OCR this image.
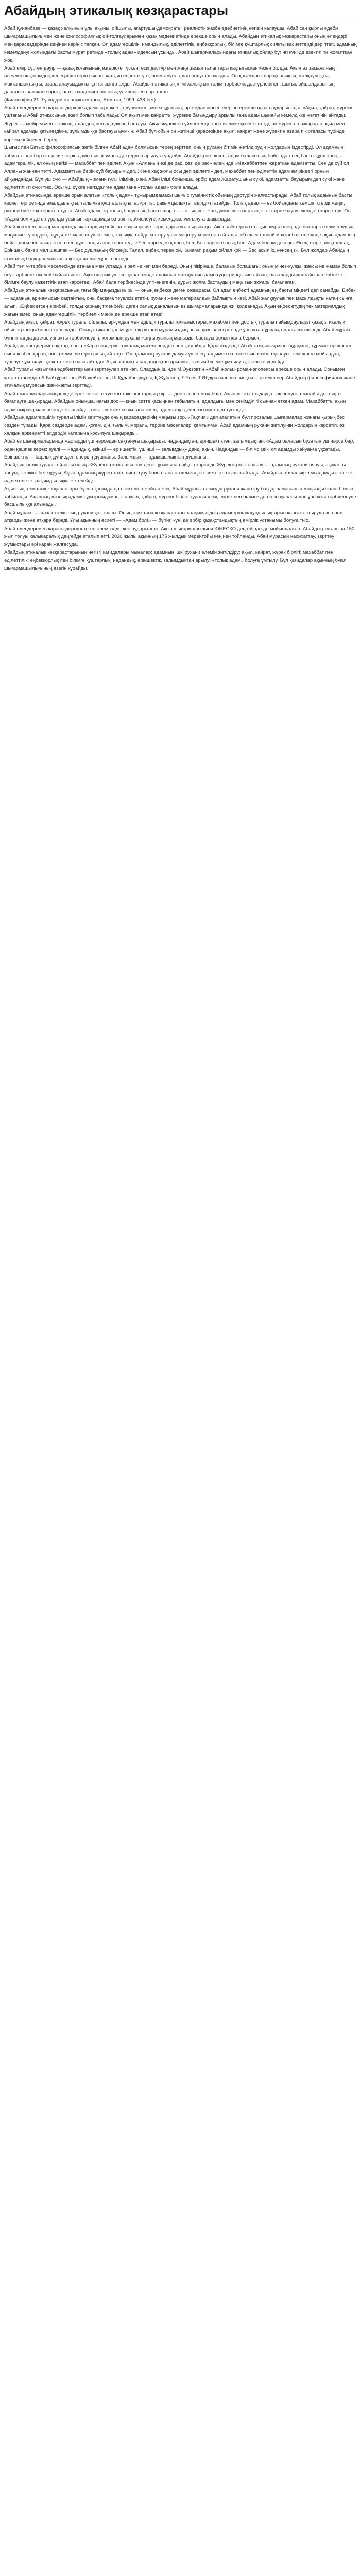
Абайдың этикалық көзқарастары

Абай Құнанбаев — қазақ халқының ұлы ақыны, ойшылы, ағартушы-демократы, реалистік жазба әдебиетінің негізін қалаушы. Абай сан қырлы әдеби шығармашылығымен және философиялық ой-толғауларымен қазақ мәдениетінде ерекше орын алады. Абайдың этикалық көзқарастары оның өлеңдері мен қарасөздерінде кеңінен көрініс тапқан. Ол адамгершілік, имандылық, әділеттілік, еңбекқорлық, білімге құштарлық сияқты қасиеттерді дәріптеп, адамның кемелденуі жолындағы басты мұрат ретінде «толық адам» идеясын ұсынды. Абай шығармаларындағы этикалық ойлар бүгінгі күні де өзектілігін жоғалтқан жоқ.

Абай өмір сүрген дәуір — қазақ қоғамының өзгеріске түскен, ескі дәстүр мен жаңа заман талаптары қақтығысқан кезең болды. Ақын өз заманының әлеуметтік-қоғамдық келеңсіздіктерін сынап, халқын еңбек етуге, білім алуға, адал болуға шақырды. Ол қоғамдағы парақорлықты, жалқаулықты, мақтаншақтықты, өзара алауыздықты қатты сынға алды. Абайдың этикалық ілімі халықтың тәлім-тәрбиелік дәстүрлерінен, шығыс ойшылдарының даналығынан және орыс, батыс мәдениетінің озық үлгілерінен нәр алған.

(Философия 2Т. Түсіндірмелі анықтамалық. Алматы, 1999, 438-бет)

Абай өлеңдері мен қарасөздерінде адамның ішкі жан дүниесіне, мінез-құлқына, ар-ождан мәселелеріне ерекше назар аударылады. «Ақыл, қайрат, жүрек» үштағаны Абай этикасының өзегі болып табылады. Ол ақыл мен қайратты жүрекке бағындыру арқылы ғана адам шынайы кемелдікке жететінін айтады. Жүрек — мейірім мен ізгіліктің, адалдық пен әділдіктің бастауы. Ақыл жүрекпен үйлескенде ғана игілікке қызмет етеді, ал жүректен ажыраған ақыл мен қайрат адамды қатыгездікке, зұлымдыққа бастауы мүмкін. Абай бұл ойын он жетінші қарасөзінде ақыл, қайрат және жүректің өзара пікірталасы түрінде көркем бейнелеп береді.

Шығыс пен Батыс философиясын жетік білген Абай адам болмысын терең зерттеп, оның рухани бітімін жетілдірудің жолдарын іздестірді. Ол адамның табиғатынан бар ізгі қасиеттерін дамытып, жаман әдеттерден арылуға үндейді. Абайдың пікірінше, адам баласының бойындағы ең басты құндылық — адамгершілік, ал оның негізі — махаббат пен әділет. Ақын «Алланың өзі де рас, сөзі де рас» өлеңінде «Махаббатпен жаратқан адамзатты, Сен де сүй ол Алланы жаннан тәтті. Адамзаттың бәрін сүй бауырым деп, Және хақ жолы осы деп әділетті» деп, махаббат пен әділеттің адам өміріндегі орнын айқындайды. Бұл үш сүю — Абайдың «имани гүл» ілімінің мәні. Абай ілімі бойынша, әрбір адам Жаратушыны сүюі, адамзатты бауырым деп сүюі және әділеттілікті сүюі тиіс. Осы үш сүюге негізделген адам ғана «толық адам» бола алады.

Абайдың этикасында ерекше орын алатын «толық адам» тұжырымдамасы шығыс гуманистік ойының дәстүрін жалғастырады. Абай толық адамның басты қасиеттері ретінде ақылдылықты, ғылымға құштарлықты, ар-ұятты, рақымдылықты, әділдікті атайды. Толық адам — өз бойындағы кемшіліктерді жеңіп, рухани биікке көтерілген тұлға. Абай адамның толық болуының басты шарты — оның ішкі жан дүниесін тазартып, ізгі істерге баулу екендігін көрсетеді. Ол «Адам бол!» деген ұранды ұсынып, әр адамды өз-өзін тәрбиелеуге, кемелдікке ұмтылуға шақырады.

Абай көптеген шығармаларында жастардың бойына жақсы қасиеттерді дарытуға тырысады. Ақын «Интернатта оқып жүр» өлеңінде жастарға білім алудың маңызын түсіндіріп, оқуды тек мансап үшін емес, халыққа пайда келтіру үшін меңгеру керектігін айтады. «Ғылым таппай мақтанба» өлеңінде ақын адамның бойындағы бес асыл іс пен бес дұшпанды атап көрсетеді: «Бес нәрседен қашық бол, Бес нәрсеге асық бол, Адам болам десеңіз. Өсек, өтірік, мақтаншақ, Еріншек, бекер мал шашпақ — Бес дұшпаның білсеңіз. Талап, еңбек, терең ой, Қанағат, рақым ойлап қой — Бес асыл іс, көнсеңіз». Бұл жолдар Абайдың этикалық бағдарламасының қысқаша мазмұнын береді.

Абай тәлім-тәрбие мәселесінде ата-ана мен ұстаздың рөліне көп мән береді. Оның пікірінше, баланың болашағы, оның мінез-құлқы, жақсы не жаман болып өсуі тәрбиеге тікелей байланысты. Ақын қырық үшінші қарасөзінде адамның жан қуатын дамытудың маңызын айтып, балаларды жастайынан еңбекке, білімге баулу қажеттігін атап көрсетеді. Абай бала тәрбиесінде үлгі-өнегенің, дұрыс жолға бастаудың маңызын жоғары бағалаған.

Абайдың этикалық көзқарасының тағы бір маңызды қыры — оның еңбекке деген көзқарасы. Ол адал еңбекті адамның ең басты міндеті деп санайды. Еңбек — адамның ар-намысын сақтайтын, оны басқаға тәуелсіз ететін, рухани және материалдық байлықтың көзі. Абай жалқаулық пен масылдықты қатаң сынға алып, «Еңбек етсең ерінбей, тояды қарның тіленбей» деген халық даналығын өз шығармаларында жиі қолданады. Ақын еңбек етудің тек материалдық жағын емес, оның адамгершілік, тәрбиелік мәнін де ерекше атап өтеді.

Абайдың ақыл, қайрат, жүрек туралы ойлары, ар-ұждан мен әділдік туралы толғаныстары, махаббат пен достық туралы пайымдаулары қазақ этикалық ойының шыңы болып табылады. Оның этикалық ілімі ұлттық рухани мұрамыздың асыл қазынасы ретінде ұрпақтан-ұрпаққа жалғасып келеді. Абай мұрасы бүгінгі таңда да жас ұрпақты тәрбиелеудің, қоғамның рухани жаңғыруының маңызды бастауы болып қала бермек.

Абайдың өлеңдерімен қатар, оның «Қара сөздері» этикалық мәселелерді терең қозғайды. Қарасөздерде Абай халқының мінез-құлқына, тұрмыс-тіршілігіне сыни көзбен қарап, оның кемшіліктерін ашық айтады. Ол адамның рухани дамуы үшін ең алдымен өз-өзіне сын көзбен қарауы, кемшілігін мойындап, түзелуге ұмтылуы қажет екенін баса айтады. Ақын халықты надандықтан арылуға, ғылым-білімге ұмтылуға, ізгілікке үндейді.

Абай туралы жазылған әдебиеттер мен зерттеулер өте көп. Олардың ішінде М.Әуезовтің «Абай жолы» роман-эпопеясы ерекше орын алады. Сонымен қатар ғалымдар А.Байтұрсынов, Ә.Бөкейханов, Ш.Құдайбердіұлы, Қ.Жұбанов, Ғ.Есім, Т.Әбдірахманова сияқты зерттеушілер Абайдың философиялық және этикалық мұрасын жан-жақты зерттеді.

Абай шығармаларының ішінде ерекше көзге түсетін тақырыптардың бірі — достық пен махаббат. Ақын досты таңдауда сақ болуға, шынайы достықты бағалауға шақырады. Абайдың ойынша, нағыз дос — қиын сәтте қасыңнан табылатын, адалдығы мен сенімділігі сыннан өткен адам. Махаббатты ақын адам өмірінің мәні ретінде жырлайды, оны тек жеке сезім ғана емес, адамзатқа деген ізгі ниет деп түсінеді.

Абайдың адамгершілік туралы ілімін зерттеуде оның қарасөздерінің маңызы зор. «Ғақлия» деп аталатын бұл прозалық шығармалар жинағы қырық бес сөзден тұрады. Қара сөздерде адам, қоғам, дін, ғылым, мораль, тәрбие мәселелері қамтылған. Абай адамның рухани жетілуінің жолдарын көрсетіп, өз халқын өркениетті елдердің қатарына қосылуға шақырады.

Абай өз шығармаларында жастарды үш нәрседен сақтануға шақырады: надандықтан, еріншектіктен, залымдықтан. «Адам баласын бұзатын үш нәрсе бар, одан қашпақ керек: әуелі — надандық, екінші — еріншектік, үшінші — залымдық» дейді ақын. Надандық — білімсіздік, ол адамды хайуанға ұқсатады. Еріншектік — барлық дүниедегі өнердің дұшпаны. Залымдық — адамшылықтың дұшпаны.

Абайдың ізгілік туралы ойлары оның «Жүректің көзі ашылса» деген ұғымынан айқын көрінеді. Жүректің көзі ашылу — адамның рухани оянуы, ақиқатты тануы, ізгілікке бет бұруы. Ақын адамның жүрегі таза, ниеті түзу болса ғана ол кемелдікке жете алатынын айтады. Абайдың этикалық ілімі адамды ізгілікке, әділеттілікке, рақымдылыққа жетелейді.

Ақынның этикалық көзқарастары бүгінгі қоғамда да өзектілігін жойған жоқ. Абай мұрасы еліміздің рухани жаңғыру бағдарламасының маңызды бөлігі болып табылады. Ақынның «толық адам» тұжырымдамасы, «ақыл, қайрат, жүрек» бірлігі туралы ілімі, еңбек пен білімге деген көзқарасы жас ұрпақты тәрбиелеуде басшылыққа алынады.

Абай мұрасы — қазақ халқының рухани қазынасы. Оның этикалық көзқарастары халқымыздың адамгершілік құндылықтарын қалыптастыруда зор рөл атқарды және атқара береді. Ұлы ақынның өсиеті — «Адам бол!» — бүгінгі күні де әрбір қазақстандықтың өмірлік ұстанымы болуға тиіс.

Абай өлеңдері мен қарасөздері көптеген әлем тілдеріне аударылған. Ақын шығармашылығы ЮНЕСКО деңгейінде де мойындалған. Абайдың туғанына 150 жыл толуы халықаралық деңгейде аталып өтті. 2020 жылы ақынның 175 жылдық мерейтойы кеңінен тойланды. Абай мұрасын насихаттау, зерттеу жұмыстары әрі қарай жалғасуда.

Абайдың этикалық көзқарастарының негізгі қағидалары мыналар: адамның ішкі рухани әлемін жетілдіру; ақыл, қайрат, жүрек бірлігі; махаббат пен әділеттілік; еңбекқорлық пен білімге құштарлық; надандық, еріншектік, залымдықтан арылу; «толық адам» болуға ұмтылу. Бұл қағидалар ақынның бүкіл шығармашылығының өзегін құрайды.
